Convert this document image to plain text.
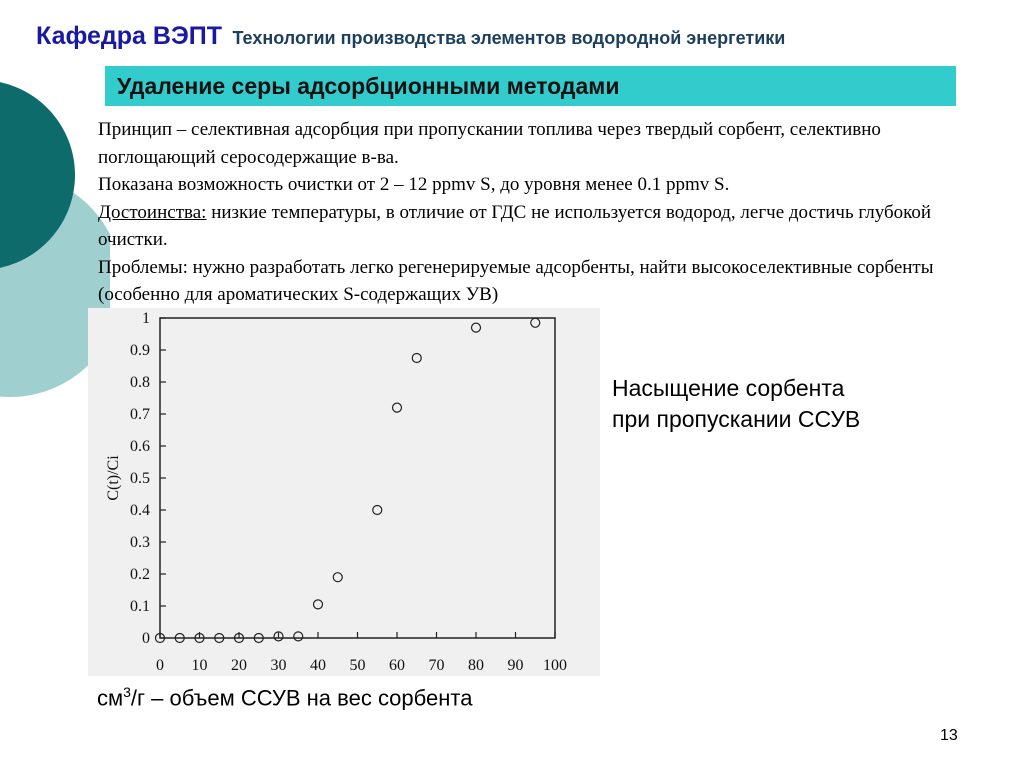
Кафедра ВЭПТ Технологии производства элементов водородной энергетики
Удаление серы адсорбционными методами

Принцип – селективная адсорбция при пропускании топлива через твердый сорбент, селективно поглощающий серосодержащие в-ва.

Показана возможность очистки от 2 – 12 ppmv S, до уровня менее 0.1 ppmv S.

Достоинства: низкие температуры, в отличие от ГДС не используется водород, легче достичь глубокой очистки.

Проблемы: нужно разработать легко регенерируемые адсорбенты, найти высокоселективные сорбенты (особенно для ароматических S-содержащих УВ)

0
0.1
0.2
0.3
0.4
0.5
0.6
0.7
0.8
0.9
1
0 10 20 30 40 50 60 70 80 90 100
C(t)/Ci

Насыщение сорбента

при пропускании ССУВ

$см^3/г$ – объем ССУВ на вес сорбента
13
